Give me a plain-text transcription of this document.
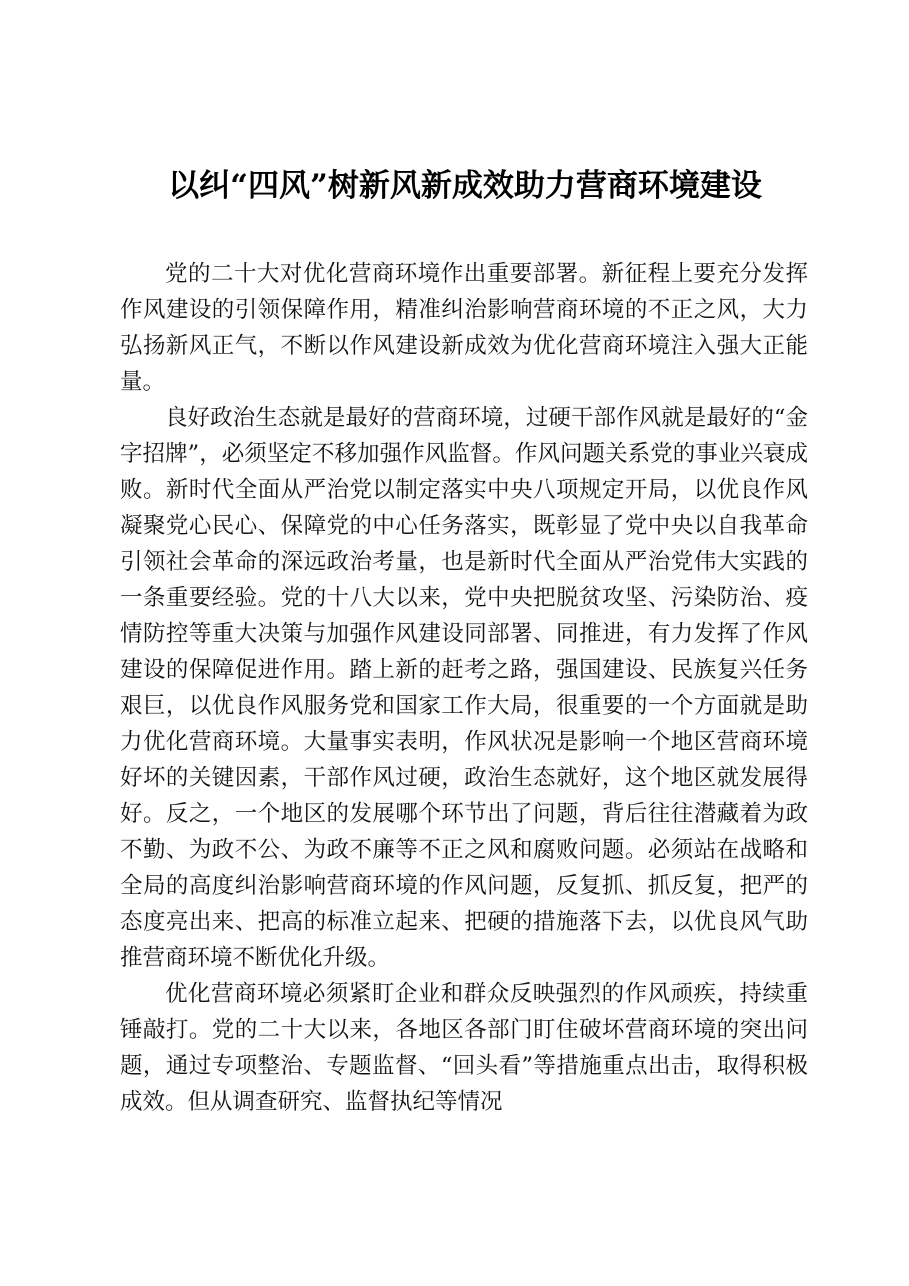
以纠“四风”树新风新成效助力营商环境建设

党的二十大对优化营商环境作出重要部署。新征程上要充分发挥作风建设的引领保障作用，精准纠治影响营商环境的不正之风，大力弘扬新风正气，不断以作风建设新成效为优化营商环境注入强大正能量。

良好政治生态就是最好的营商环境，过硬干部作风就是最好的“金字招牌”，必须坚定不移加强作风监督。作风问题关系党的事业兴衰成败。新时代全面从严治党以制定落实中央八项规定开局，以优良作风凝聚党心民心、保障党的中心任务落实，既彰显了党中央以自我革命引领社会革命的深远政治考量，也是新时代全面从严治党伟大实践的一条重要经验。党的十八大以来，党中央把脱贫攻坚、污染防治、疫情防控等重大决策与加强作风建设同部署、同推进，有力发挥了作风建设的保障促进作用。踏上新的赶考之路，强国建设、民族复兴任务艰巨，以优良作风服务党和国家工作大局，很重要的一个方面就是助力优化营商环境。大量事实表明，作风状况是影响一个地区营商环境好坏的关键因素，干部作风过硬，政治生态就好，这个地区就发展得好。反之，一个地区的发展哪个环节出了问题，背后往往潜藏着为政不勤、为政不公、为政不廉等不正之风和腐败问题。必须站在战略和全局的高度纠治影响营商环境的作风问题，反复抓、抓反复，把严的态度亮出来、把高的标准立起来、把硬的措施落下去，以优良风气助推营商环境不断优化升级。

优化营商环境必须紧盯企业和群众反映强烈的作风顽疾，持续重锤敲打。党的二十大以来，各地区各部门盯住破坏营商环境的突出问题，通过专项整治、专题监督、“回头看”等措施重点出击，取得积极成效。但从调查研究、监督执纪等情况
